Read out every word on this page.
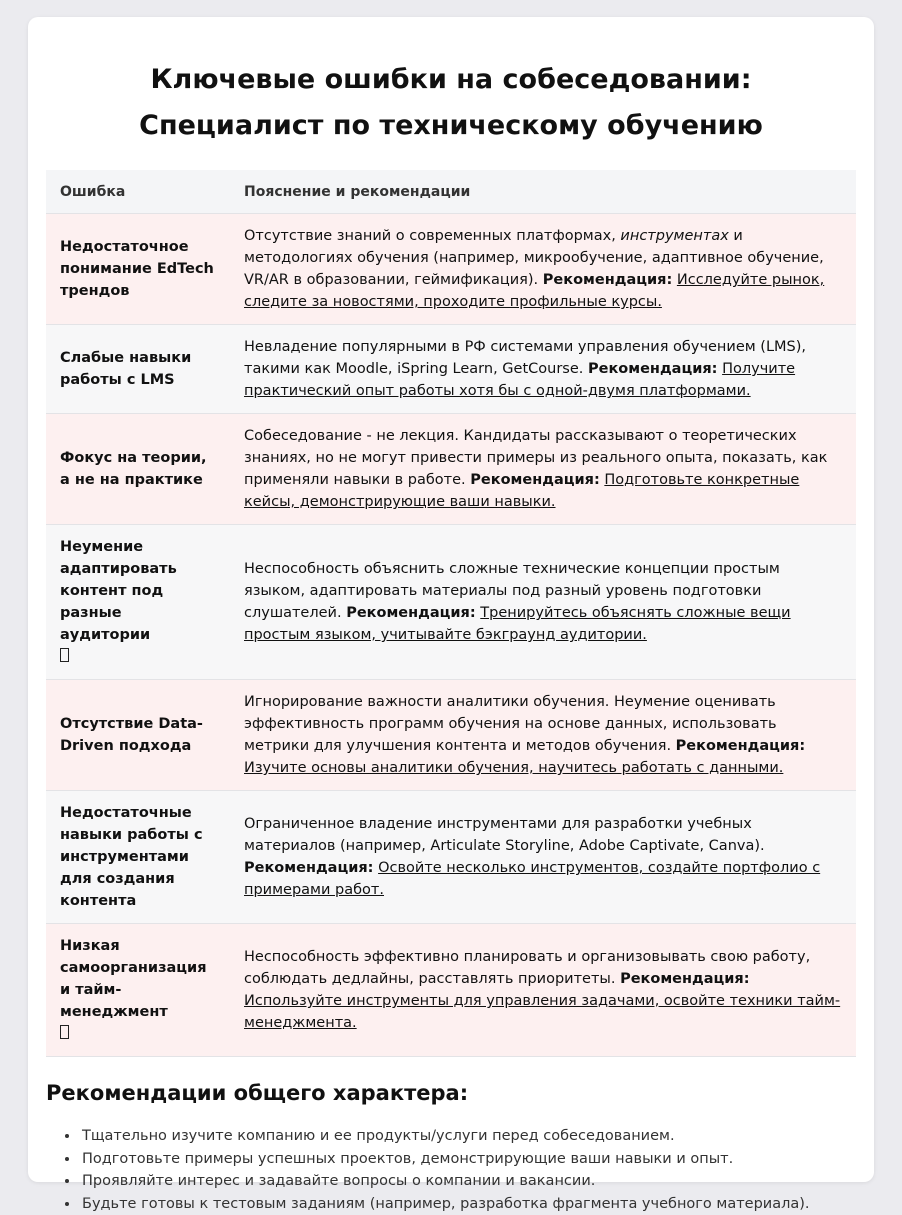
Ключевые ошибки на собеседовании:
Специалист по техническому обучению
Ошибка	Пояснение и рекомендации
Недостаточное понимание EdTech трендов	Отсутствие знаний о современных платформах, инструментах и методологиях обучения (например, микрообучение, адаптивное обучение, VR/AR в образовании, геймификация). Рекомендация: Исследуйте рынок, следите за новостями, проходите профильные курсы.
Слабые навыки работы с LMS	Невладение популярными в РФ системами управления обучением (LMS), такими как Moodle, iSpring Learn, GetCourse. Рекомендация: Получите практический опыт работы хотя бы с одной-двумя платформами.
Фокус на теории, а не на практике	Собеседование - не лекция. Кандидаты рассказывают о теоретических знаниях, но не могут привести примеры из реального опыта, показать, как применяли навыки в работе. Рекомендация: Подготовьте конкретные кейсы, демонстрирующие ваши навыки.
Неумение адаптировать контент под разные аудитории	Неспособность объяснить сложные технические концепции простым языком, адаптировать материалы под разный уровень подготовки слушателей. Рекомендация: Тренируйтесь объяснять сложные вещи простым языком, учитывайте бэкграунд аудитории.
Отсутствие Data-Driven подхода	Игнорирование важности аналитики обучения. Неумение оценивать эффективность программ обучения на основе данных, использовать метрики для улучшения контента и методов обучения. Рекомендация: Изучите основы аналитики обучения, научитесь работать с данными.
Недостаточные навыки работы с инструментами для создания контента	Ограниченное владение инструментами для разработки учебных материалов (например, Articulate Storyline, Adobe Captivate, Canva). Рекомендация: Освойте несколько инструментов, создайте портфолио с примерами работ.
Низкая самоорганизация и тайм-менеджмент	Неспособность эффективно планировать и организовывать свою работу, соблюдать дедлайны, расставлять приоритеты. Рекомендация: Используйте инструменты для управления задачами, освойте техники тайм-менеджмента.
Рекомендации общего характера:
• Тщательно изучите компанию и ее продукты/услуги перед собеседованием.
• Подготовьте примеры успешных проектов, демонстрирующие ваши навыки и опыт.
• Проявляйте интерес и задавайте вопросы о компании и вакансии.
• Будьте готовы к тестовым заданиям (например, разработка фрагмента учебного материала).
